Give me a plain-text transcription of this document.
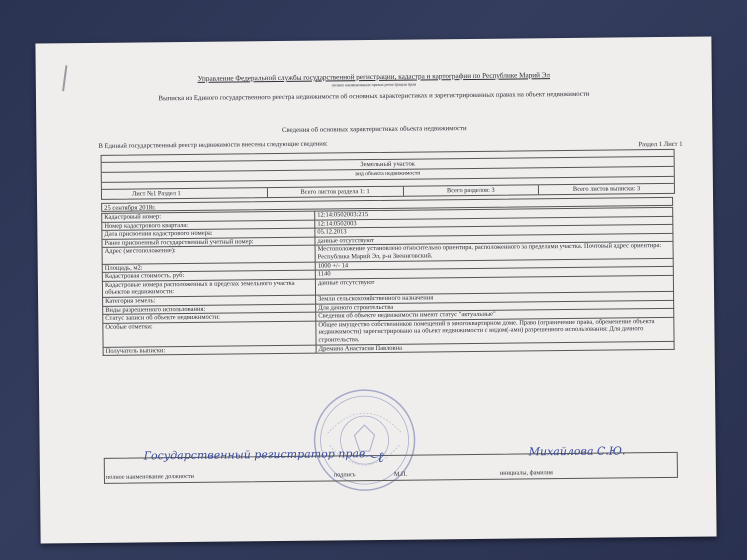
Управление Федеральной службы государственной регистрации, кадастра и картографии по Республике Марий Эл
полное наименование органа регистрации прав
Выписка из Единого государственного реестра недвижимости об основных характеристиках и зарегистрированных правах на объект недвижимости
Сведения об основных характеристиках объекта недвижимости
В Единый государственный реестр недвижимости внесены следующие сведения:	Раздел 1 Лист 1
Земельный участок
вид объекта недвижимости
Лист №1 Раздел 1	Всего листов раздела 1: 1	Всего разделов: 3	Всего листов выписки: 3
25 сентября 2018г.
Кадастровый номер:	12:14:0502003:215
Номер кадастрового квартала:	12:14:0502003
Дата присвоения кадастрового номера:	05.12.2013
Ранее присвоенный государственный учетный номер:	данные отсутствуют
Адрес (местоположение):	Местоположение установлено относительно ориентира, расположенного за пределами участка. Почтовый адрес ориентира: Республика Марий Эл, р-н Звениговский.
Площадь, м2:	1000 +/- 14
Кадастровая стоимость, руб:	1140
Кадастровые номера расположенных в пределах земельного участка объектов недвижимости:	данные отсутствуют
Категория земель:	Земли сельскохозяйственного назначения
Виды разрешенного использования:	Для дачного строительства
Статус записи об объекте недвижимости:	Сведения об объекте недвижимости имеют статус "актуальные"
Особые отметки:	Общее имущество собственников помещений в многоквартирном доме. Право (ограничение права, обременение объекта недвижимости) зарегистрировано на объект недвижимости с видом(-ами) разрешенного использования: Для дачного строительства.
Получатель выписки:	Дремина Анастасия Павловна
Государственный регистратор прав
〜ℓ	Михайлова С.Ю.
полное наименование должности	подпись	М.П.	инициалы, фамилия
